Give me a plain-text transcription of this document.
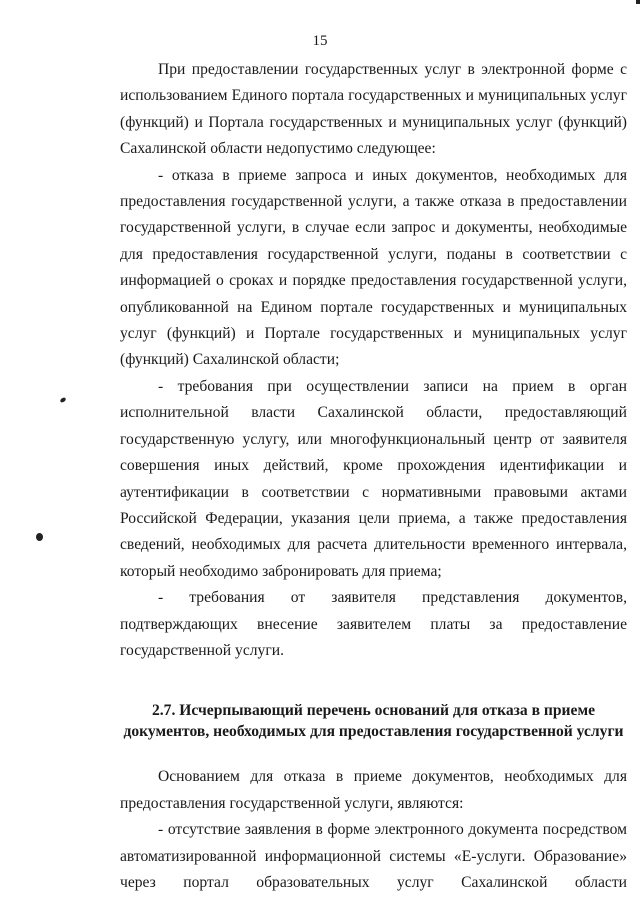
15

При предоставлении государственных услуг в электронной форме с использованием Единого портала государственных и муниципальных услуг (функций) и Портала государственных и муниципальных услуг (функций) Сахалинской области недопустимо следующее:

- отказа в приеме запроса и иных документов, необходимых для предоставления государственной услуги, а также отказа в предоставлении государственной услуги, в случае если запрос и документы, необходимые для предоставления государственной услуги, поданы в соответствии с информацией о сроках и порядке предоставления государственной услуги, опубликованной на Едином портале государственных и муниципальных услуг (функций) и Портале государственных и муниципальных услуг (функций) Сахалинской области;

- требования при осуществлении записи на прием в орган исполнительной власти Сахалинской области, предоставляющий государственную услугу, или многофункциональный центр от заявителя совершения иных действий, кроме прохождения идентификации и аутентификации в соответствии с нормативными правовыми актами Российской Федерации, указания цели приема, а также предоставления сведений, необходимых для расчета длительности временного интервала, который необходимо забронировать для приема;

- требования от заявителя представления документов, подтверждающих внесение заявителем платы за предоставление государственной услуги.

2.7. Исчерпывающий перечень оснований для отказа в приеме
документов, необходимых для предоставления государственной услуги

Основанием для отказа в приеме документов, необходимых для предоставления государственной услуги, являются:

- отсутствие заявления в форме электронного документа посредством автоматизированной информационной системы «Е-услуги. Образование» через портал образовательных услуг Сахалинской области
